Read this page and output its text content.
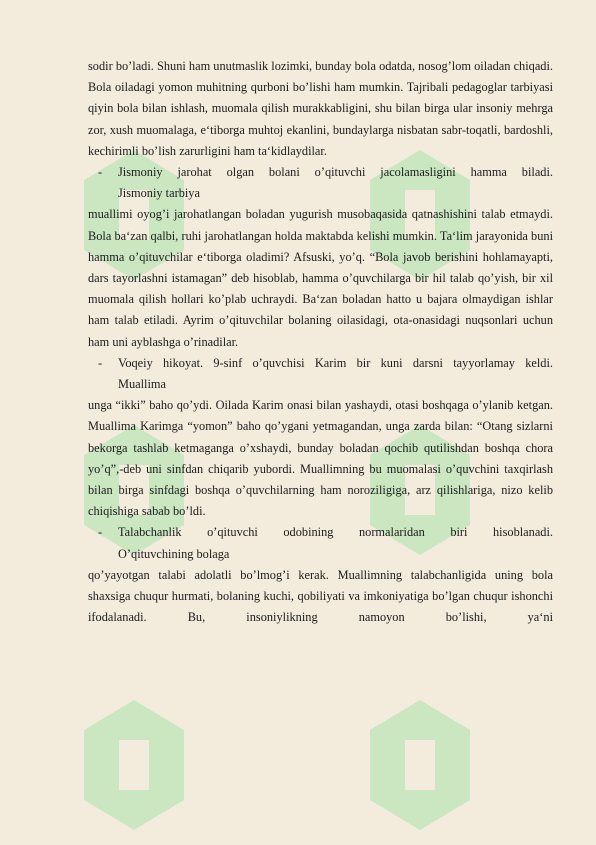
sodir bo’ladi. Shuni ham unutmaslik lozimki, bunday bola odatda, nosog’lom oiladan chiqadi. Bola oiladagi yomon muhitning qurboni bo’lishi ham mumkin. Tajribali pedagoglar tarbiyasi qiyin bola bilan ishlash, muomala qilish murakkabligini, shu bilan birga ular insoniy mehrga zor, xush muomalaga, e‘tiborga muhtoj ekanlini, bundaylarga nisbatan sabr-toqatli, bardoshli, kechirimli bo’lish zarurligini ham ta‘kidlaydilar.

- Jismoniy jarohat olgan bolani o’qituvchi jacolamasligini hamma biladi.
Jismoniy tarbiya

muallimi oyog’i jarohatlangan boladan yugurish musobaqasida qatnashishini talab etmaydi. Bola ba‘zan qalbi, ruhi jarohatlangan holda maktabda kelishi mumkin. Ta‘lim jarayonida buni hamma o’qituvchilar e‘tiborga oladimi? Afsuski, yo’q. “Bola javob berishini hohlamayapti, dars tayorlashni istamagan” deb hisoblab, hamma o’quvchilarga bir hil talab qo’yish, bir xil muomala qilish hollari ko’plab uchraydi. Ba‘zan boladan hatto u bajara olmaydigan ishlar ham talab etiladi. Ayrim o’qituvchilar bolaning oilasidagi, ota-onasidagi nuqsonlari uchun ham uni ayblashga o’rinadilar.

- Voqeiy hikoyat. 9-sinf o’quvchisi Karim bir kuni darsni tayyorlamay keldi.
Muallima

unga “ikki” baho qo’ydi. Oilada Karim onasi bilan yashaydi, otasi boshqaga o’ylanib ketgan. Muallima Karimga “yomon” baho qo’ygani yetmagandan, unga zarda bilan: “Otang sizlarni bekorga tashlab ketmaganga o’xshaydi, bunday boladan qochib qutilishdan boshqa chora yo’q”,-deb uni sinfdan chiqarib yubordi. Muallimning bu muomalasi o’quvchini taxqirlash bilan birga sinfdagi boshqa o’quvchilarning ham noroziligiga, arz qilishlariga, nizo kelib chiqishiga sabab bo’ldi.

- Talabchanlik o’qituvchi odobining normalaridan biri hisoblanadi.
O’qituvchining bolaga

qo’yayotgan talabi adolatli bo’lmog’i kerak. Muallimning talabchanligida uning bola shaxsiga chuqur hurmati, bolaning kuchi, qobiliyati va imkoniyatiga bo’lgan chuqur ishonchi ifodalanadi. Bu, insoniylikning namoyon bo’lishi, ya‘ni
